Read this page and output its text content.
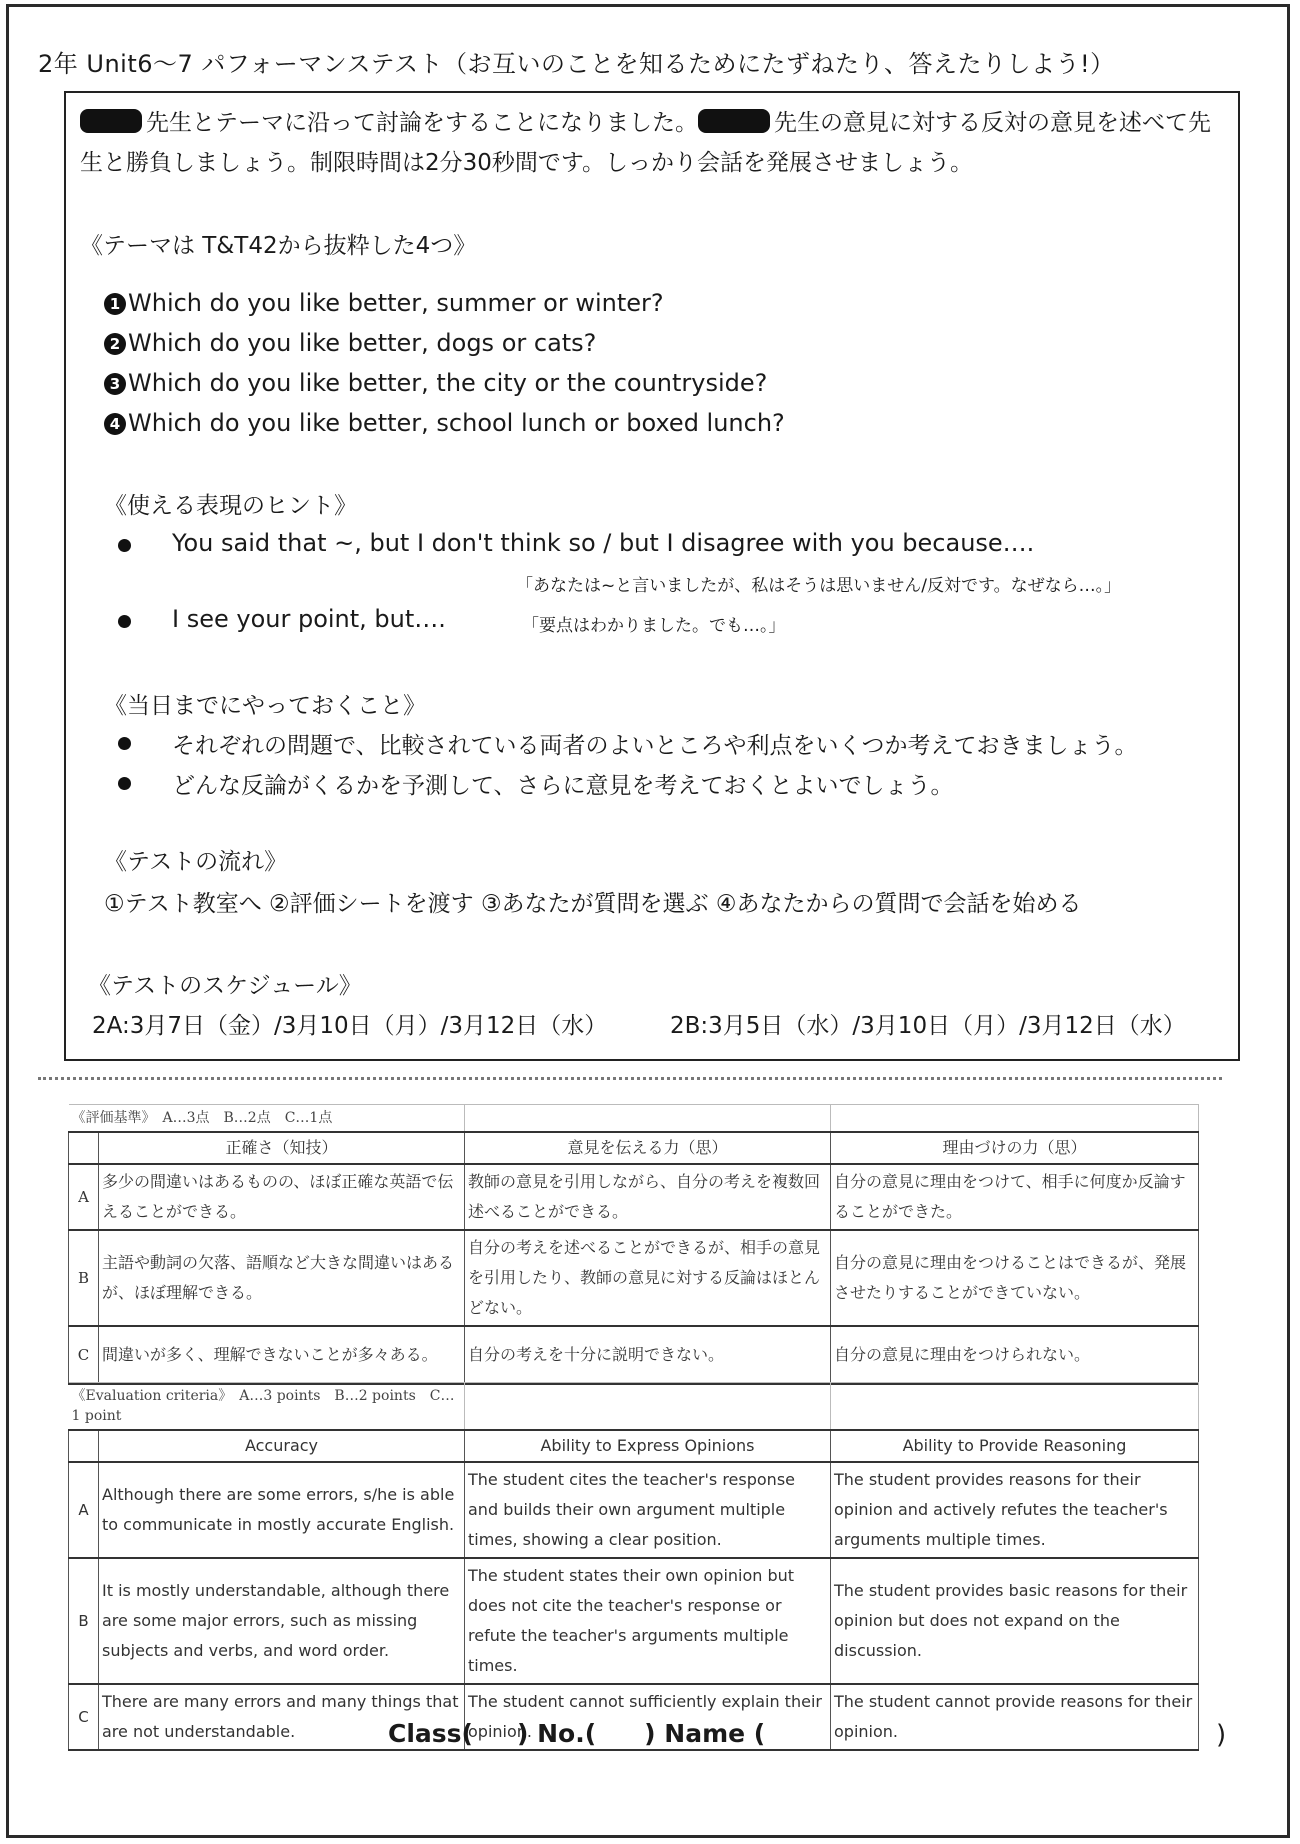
2年 Unit6～7 パフォーマンステスト（お互いのことを知るためにたずねたり、答えたりしよう!）
先生とテーマに沿って討論をすることになりました。	先生の意見に対する反対の意見を述べて先生と勝負しましょう。制限時間は2分30秒間です。しっかり会話を発展させましょう。
《テーマは T&T42から抜粋した4つ》
1 Which do you like better, summer or winter?
2 Which do you like better, dogs or cats?
3 Which do you like better, the city or the countryside?
4 Which do you like better, school lunch or boxed lunch?
《使える表現のヒント》
You said that ~, but I don't think so / but I disagree with you because….
「あなたは~と言いましたが、私はそうは思いません/反対です。なぜなら…。」
I see your point, but….	「要点はわかりました。でも…。」
《当日までにやっておくこと》
それぞれの問題で、比較されている両者のよいところや利点をいくつか考えておきましょう。
どんな反論がくるかを予測して、さらに意見を考えておくとよいでしょう。
《テストの流れ》
①テスト教室へ ②評価シートを渡す ③あなたが質問を選ぶ ④あなたからの質問で会話を始める
《テストのスケジュール》
2A:3月7日（金）/3月10日（月）/3月12日（水）	2B:3月5日（水）/3月10日（月）/3月12日（水）
《評価基準》　A…3点　B…2点　C…1点			
	正確さ（知技）	意見を伝える力（思）	理由づけの力（思）
A	多少の間違いはあるものの、ほぼ正確な英語で伝えることができる。	教師の意見を引用しながら、自分の考えを複数回述べることができる。	自分の意見に理由をつけて、相手に何度か反論することができた。
B	主語や動詞の欠落、語順など大きな間違いはあるが、ほぼ理解できる。	自分の考えを述べることができるが、相手の意見を引用したり、教師の意見に対する反論はほとんどない。	自分の意見に理由をつけることはできるが、発展させたりすることができていない。
C	間違いが多く、理解できないことが多々ある。	自分の考えを十分に説明できない。	自分の意見に理由をつけられない。
《Evaluation criteria》　A…3 points　B…2 points　C…1 point			
	Accuracy	Ability to Express Opinions	Ability to Provide Reasoning
A	Although there are some errors, s/he is able to communicate in mostly accurate English.	The student cites the teacher's response and builds their own argument multiple times, showing a clear position.	The student provides reasons for their opinion and actively refutes the teacher's arguments multiple times.
B	It is mostly understandable, although there are some major errors, such as missing subjects and verbs, and word order.	The student states their own opinion but does not cite the teacher's response or refute the teacher's arguments multiple times.	The student provides basic reasons for their opinion but does not expand on the discussion.
C	There are many errors and many things that are not understandable.	The student cannot sufficiently explain their opinion.	The student cannot provide reasons for their opinion.
Class( ) No.( ) Name (	)
